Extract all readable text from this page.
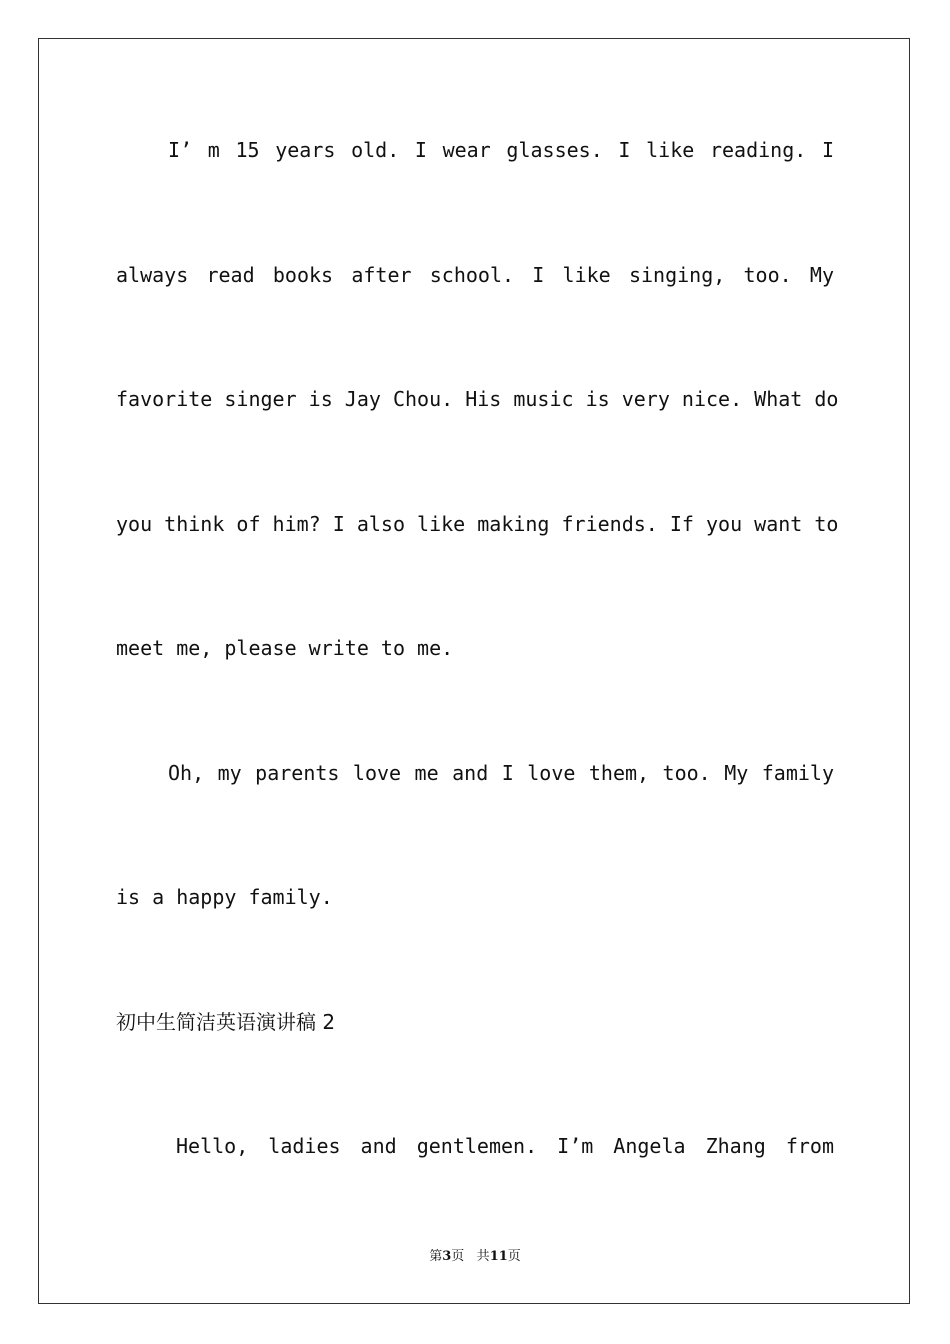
I’ m 15 years old. I wear glasses. I like reading. I
always read books after school. I like singing, too. My
favorite singer is Jay Chou. His music is very nice. What do
you think of him? I also like making friends. If you want to
meet me, please write to me.
Oh, my parents love me and I love them, too. My family
is a happy family.
初中生简洁英语演讲稿 2
Hello, ladies and gentlemen. I’m Angela Zhang from
第3页 共11页
